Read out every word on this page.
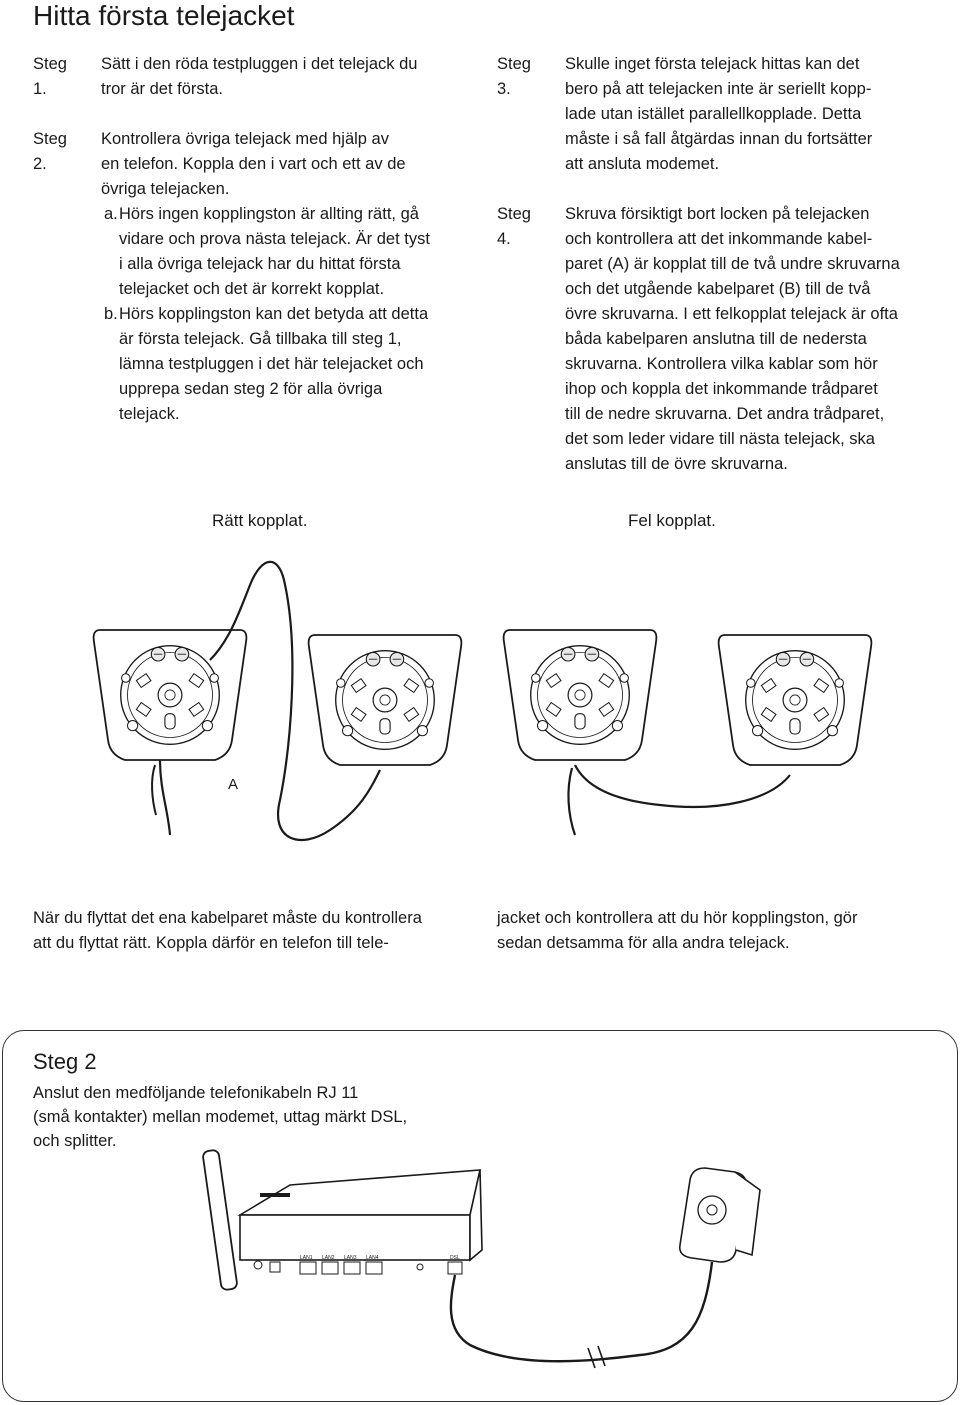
Hitta första telejacket
Steg 1.
Sätt i den röda testpluggen i det telejack du
tror är det första.
Steg 2.
Kontrollera övriga telejack med hjälp av
en telefon. Koppla den i vart och ett av de
övriga telejacken.
a. Hörs ingen kopplingston är allting rätt, gå
vidare och prova nästa telejack. Är det tyst
i alla övriga telejack har du hittat första
telejacket och det är korrekt kopplat.
b. Hörs kopplingston kan det betyda att detta
är första telejack. Gå tillbaka till steg 1,
lämna testpluggen i det här telejacket och
upprepa sedan steg 2 för alla övriga
telejack.
Steg 3.
Skulle inget första telejack hittas kan det
bero på att telejacken inte är seriellt kopp-
lade utan istället parallellkopplade. Detta
måste i så fall åtgärdas innan du fortsätter
att ansluta modemet.
Steg 4.
Skruva försiktigt bort locken på telejacken
och kontrollera att det inkommande kabel-
paret (A) är kopplat till de två undre skruvarna
och det utgående kabelparet (B) till de två
övre skruvarna. I ett felkopplat telejack är ofta
båda kabelparen anslutna till de nedersta
skruvarna. Kontrollera vilka kablar som hör
ihop och koppla det inkommande trådparet
till de nedre skruvarna. Det andra trådparet,
det som leder vidare till nästa telejack, ska
anslutas till de övre skruvarna.
Rätt kopplat.	Fel kopplat.
A
LAN1 LAN2 LAN3 LAN4	DSL
När du flyttat det ena kabelparet måste du kontrollera
att du flyttat rätt. Koppla därför en telefon till tele-
jacket och kontrollera att du hör kopplingston, gör
sedan detsamma för alla andra telejack.
Steg 2

Anslut den medföljande telefonikabeln RJ 11
(små kontakter) mellan modemet, uttag märkt DSL,
och splitter.
